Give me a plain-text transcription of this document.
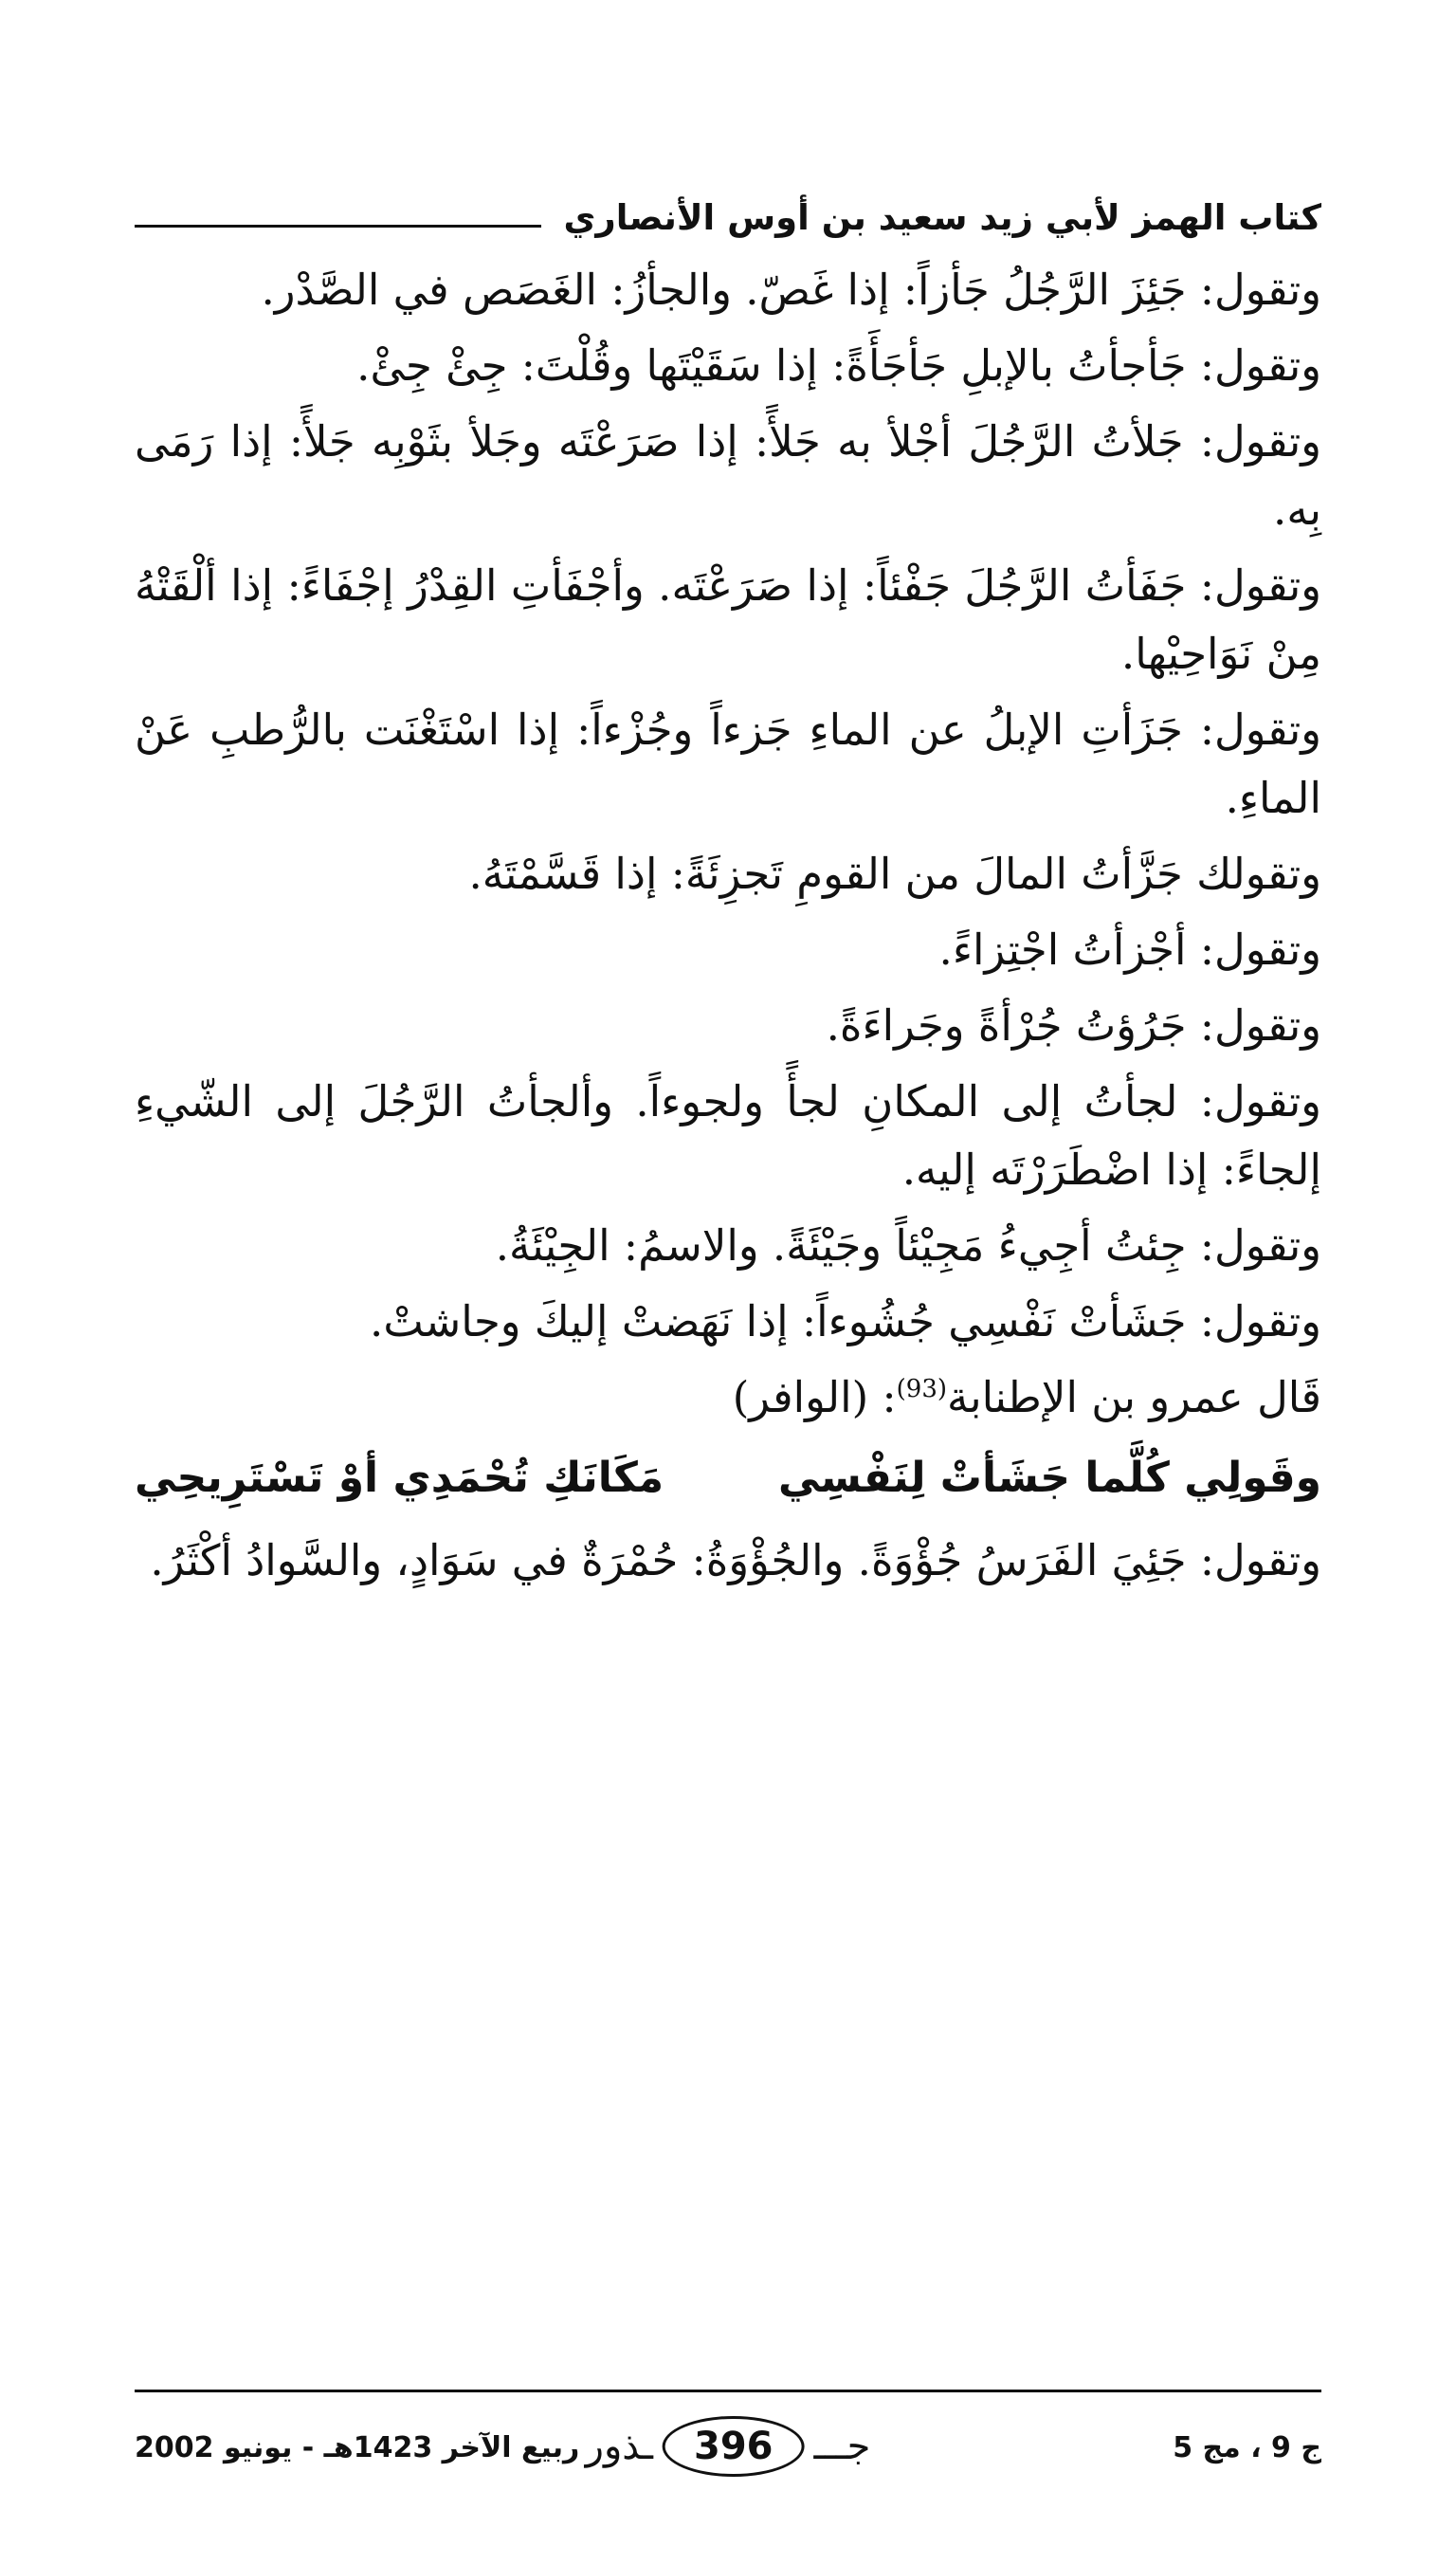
كتاب الهمز لأبي زيد سعيد بن أوس الأنصاري

وتقول: جَئِزَ الرَّجُلُ جَأزاً: إذا غَصّ. والجأزُ: الغَصَص في الصَّدْر.

وتقول: جَأجأتُ بالإبلِ جَأجَأَةً: إذا سَقَيْتَها وقُلْتَ: جِئْ جِئْ.

وتقول: جَلأتُ الرَّجُلَ أجْلأ به جَلأً: إذا صَرَعْتَه وجَلأ بثَوْبِه جَلأً: إذا رَمَى بِه.

وتقول: جَفَأتُ الرَّجُلَ جَفْئاً: إذا صَرَعْتَه. وأجْفَأتِ القِدْرُ إجْفَاءً: إذا ألْقَتْهُ مِنْ نَوَاحِيْها.

وتقول: جَزَأتِ الإبلُ عن الماءِ جَزءاً وجُزْءاً: إذا اسْتَغْنَت بالرُّطبِ عَنْ الماءِ.

وتقولك جَزَّأتُ المالَ من القومِ تَجزِئَةً: إذا قَسَّمْتَهُ.

وتقول: أجْزأتُ اجْتِزاءً.

وتقول: جَرُؤتُ جُرْأةً وجَراءَةً.

وتقول: لجأتُ إلى المكانِ لجأً ولجوءاً. وألجأتُ الرَّجُلَ إلى الشّيءِ إلجاءً: إذا اضْطَرَرْتَه إليه.

وتقول: جِئتُ أجِيءُ مَجِيْئاً وجَيْئَةً. والاسمُ: الجِيْئَةُ.

وتقول: جَشَأتْ نَفْسِي جُشُوءاً: إذا نَهَضتْ إليكَ وجاشتْ.

قَال عمرو بن الإطنابة$^{(93)}$: (الوافر)

وقَولِي كُلَّما جَشَأتْ لِنَفْسِي
مَكَانَكِ تُحْمَدِي أوْ تَسْتَرِيحِي

وتقول: جَئِيَ الفَرَسُ جُؤْوَةً. والجُؤْوَةُ: حُمْرَةٌ في سَوَادٍ، والسَّوادُ أكْثَرُ.

ج 9 ، مج 5
جـــ
396
ـذور
ربيع الآخر 1423هـ - يونيو 2002
